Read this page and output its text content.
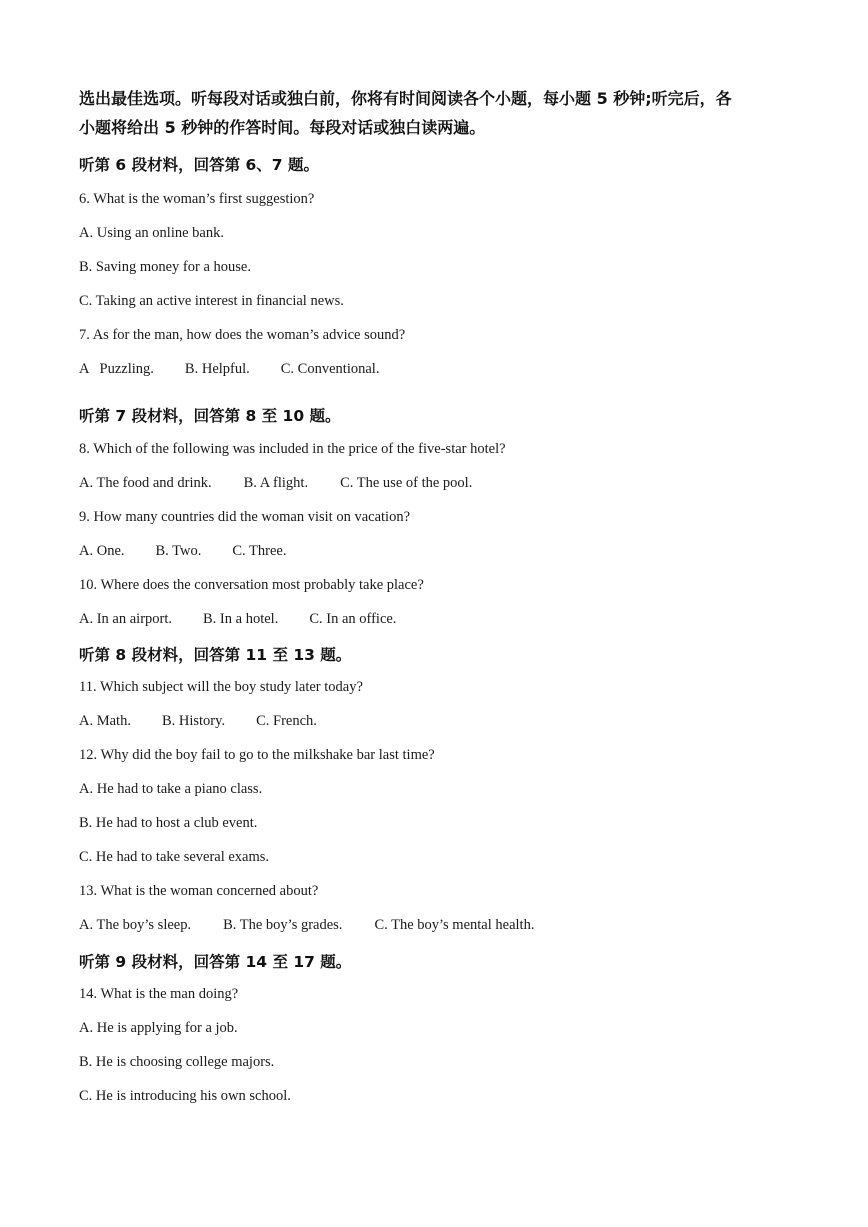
选出最佳选项。听每段对话或独白前，你将有时间阅读各个小题，每小题 5 秒钟;听完后，各

小题将给出 5 秒钟的作答时间。每段对话或独白读两遍。

听第 6 段材料，回答第 6、7 题。
6. What is the woman’s first suggestion?
A. Using an online bank.
B. Saving money for a house.
C. Taking an active interest in financial news.
7. As for the man, how does the woman’s advice sound?
A   Puzzling. B. Helpful. C. Conventional.
听第 7 段材料，回答第 8 至 10 题。
8. Which of the following was included in the price of the five-star hotel?
A. The food and drink. B. A flight. C. The use of the pool.
9. How many countries did the woman visit on vacation?
A. One. B. Two. C. Three.
10. Where does the conversation most probably take place?
A. In an airport. B. In a hotel. C. In an office.
听第 8 段材料，回答第 11 至 13 题。
11. Which subject will the boy study later today?
A. Math. B. History. C. French.
12. Why did the boy fail to go to the milkshake bar last time?
A. He had to take a piano class.
B. He had to host a club event.
C. He had to take several exams.
13. What is the woman concerned about?
A. The boy’s sleep. B. The boy’s grades. C. The boy’s mental health.
听第 9 段材料，回答第 14 至 17 题。
14. What is the man doing?
A. He is applying for a job.
B. He is choosing college majors.
C. He is introducing his own school.
